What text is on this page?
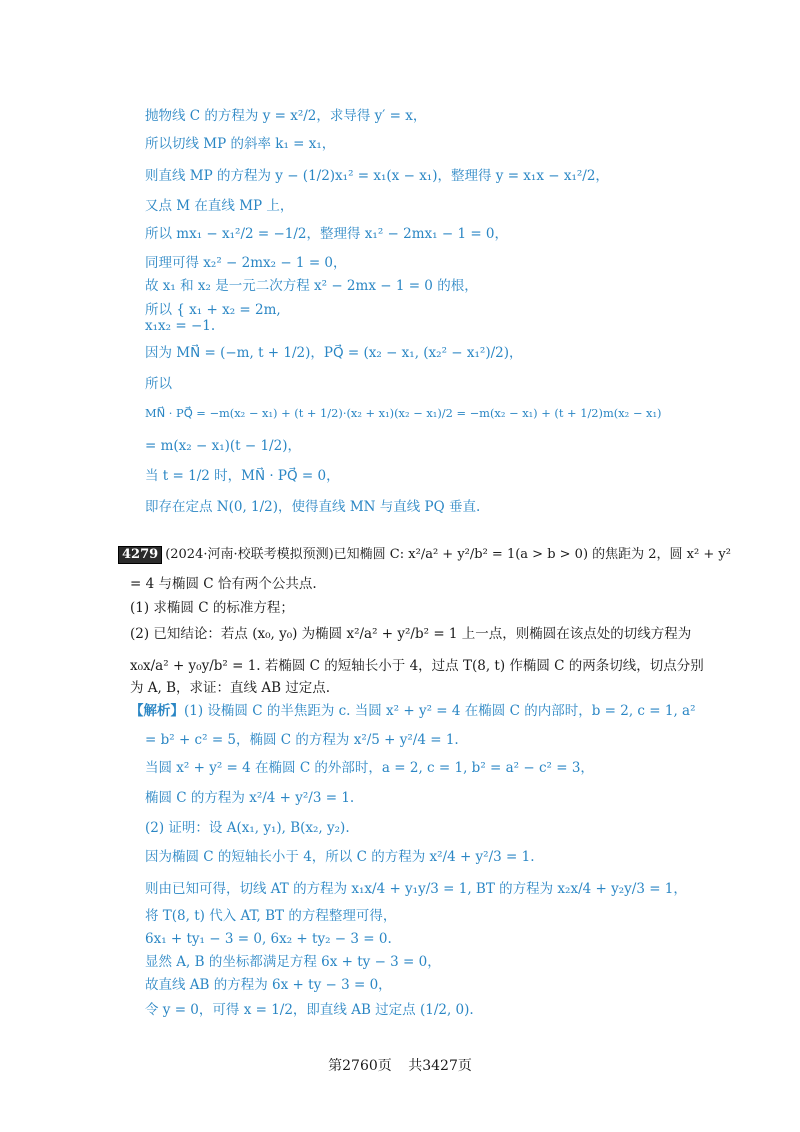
抛物线 C 的方程为 y = x²/2，求导得 y′ = x，
所以切线 MP 的斜率 k₁ = x₁，
则直线 MP 的方程为 y − (1/2)x₁² = x₁(x − x₁)，整理得 y = x₁x − x₁²/2，
又点 M 在直线 MP 上，
所以 mx₁ − x₁²/2 = −1/2，整理得 x₁² − 2mx₁ − 1 = 0，
同理可得 x₂² − 2mx₂ − 1 = 0，
故 x₁ 和 x₂ 是一元二次方程 x² − 2mx − 1 = 0 的根，
所以 { x₁ + x₂ = 2m,
x₁x₂ = −1.
因为 MN⃗ = (−m, t + 1/2)，PQ⃗ = (x₂ − x₁, (x₂² − x₁²)/2)，
所以
MN⃗ · PQ⃗ = −m(x₂ − x₁) + (t + 1/2)·(x₂ + x₁)(x₂ − x₁)/2 = −m(x₂ − x₁) + (t + 1/2)m(x₂ − x₁)
= m(x₂ − x₁)(t − 1/2)，
当 t = 1/2 时，MN⃗ · PQ⃗ = 0，
即存在定点 N(0, 1/2)，使得直线 MN 与直线 PQ 垂直.
4279 (2024·河南·校联考模拟预测)已知椭圆 C: x²/a² + y²/b² = 1(a > b > 0) 的焦距为 2，圆 x² + y²
= 4 与椭圆 C 恰有两个公共点.
(1) 求椭圆 C 的标准方程；
(2) 已知结论：若点 (x₀, y₀) 为椭圆 x²/a² + y²/b² = 1 上一点，则椭圆在该点处的切线方程为
x₀x/a² + y₀y/b² = 1. 若椭圆 C 的短轴长小于 4，过点 T(8, t) 作椭圆 C 的两条切线，切点分别
为 A, B，求证：直线 AB 过定点.
【解析】(1) 设椭圆 C 的半焦距为 c. 当圆 x² + y² = 4 在椭圆 C 的内部时，b = 2, c = 1, a²
= b² + c² = 5，椭圆 C 的方程为 x²/5 + y²/4 = 1.
当圆 x² + y² = 4 在椭圆 C 的外部时，a = 2, c = 1, b² = a² − c² = 3，
椭圆 C 的方程为 x²/4 + y²/3 = 1.
(2) 证明：设 A(x₁, y₁), B(x₂, y₂).
因为椭圆 C 的短轴长小于 4，所以 C 的方程为 x²/4 + y²/3 = 1.
则由已知可得，切线 AT 的方程为 x₁x/4 + y₁y/3 = 1, BT 的方程为 x₂x/4 + y₂y/3 = 1，
将 T(8, t) 代入 AT, BT 的方程整理可得，
6x₁ + ty₁ − 3 = 0, 6x₂ + ty₂ − 3 = 0.
显然 A, B 的坐标都满足方程 6x + ty − 3 = 0，
故直线 AB 的方程为 6x + ty − 3 = 0，
令 y = 0，可得 x = 1/2，即直线 AB 过定点 (1/2, 0).
第2760页 共3427页
